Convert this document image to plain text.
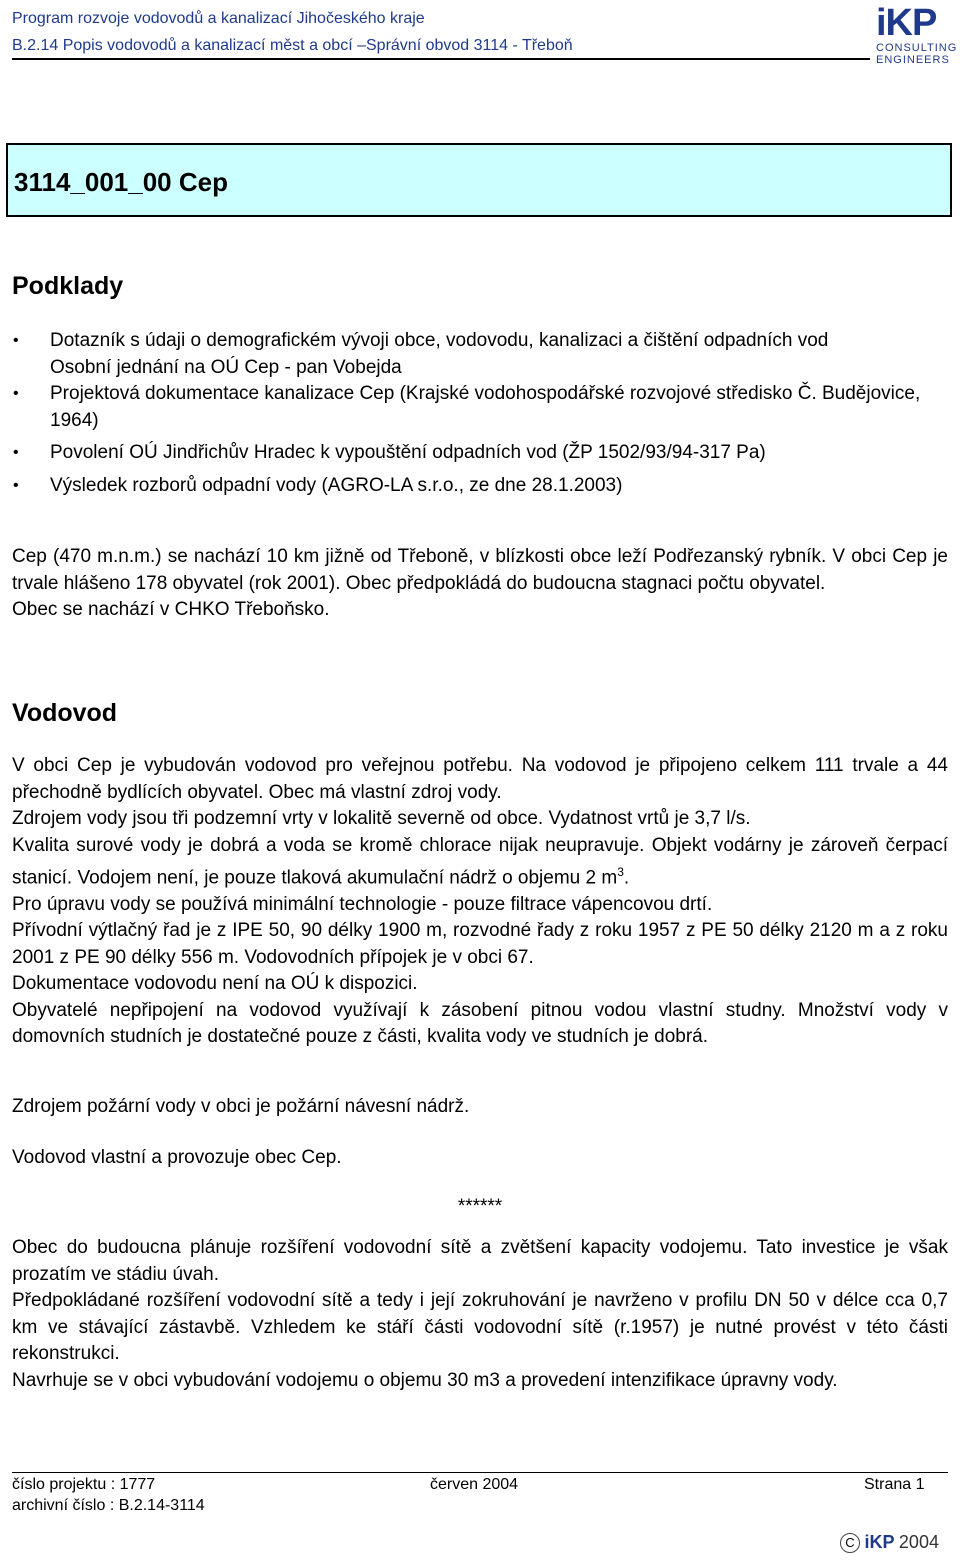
Program rozvoje vodovodů a kanalizací Jihočeského kraje
B.2.14 Popis vodovodů a kanalizací měst a obcí –Správní obvod 3114 - Třeboň
iKP
CONSULTING
ENGINEERS
3114_001_00 Cep
Podklady
• Dotazník s údaji o demografickém vývoji obce, vodovodu, kanalizaci a čištění odpadních vod
Osobní jednání na OÚ Cep - pan Vobejda
• Projektová dokumentace kanalizace Cep (Krajské vodohospodářské rozvojové středisko Č. Budějovice, 1964)
• Povolení OÚ Jindřichův Hradec k vypouštění odpadních vod (ŽP 1502/93/94-317 Pa)
• Výsledek rozborů odpadní vody (AGRO-LA s.r.o., ze dne 28.1.2003)
Cep (470 m.n.m.) se nachází 10 km jižně od Třeboně, v blízkosti obce leží Podřezanský rybník. V obci Cep je trvale hlášeno 178 obyvatel (rok 2001). Obec předpokládá do budoucna stagnaci počtu obyvatel.
Obec se nachází v CHKO Třeboňsko.
Vodovod
V obci Cep je vybudován vodovod pro veřejnou potřebu. Na vodovod je připojeno celkem 111 trvale a 44 přechodně bydlících obyvatel. Obec má vlastní zdroj vody.
Zdrojem vody jsou tři podzemní vrty v lokalitě severně od obce. Vydatnost vrtů je 3,7 l/s.
Kvalita surové vody je dobrá a voda se kromě chlorace nijak neupravuje. Objekt vodárny je zároveň čerpací stanicí. Vodojem není, je pouze tlaková akumulační nádrž o objemu 2 $m^3$.
Pro úpravu vody se používá minimální technologie - pouze filtrace vápencovou drtí.
Přívodní výtlačný řad je z IPE 50, 90 délky 1900 m, rozvodné řady z roku 1957 z PE 50 délky 2120 m a z roku 2001 z PE 90 délky 556 m. Vodovodních přípojek je v obci 67.
Dokumentace vodovodu není na OÚ k dispozici.
Obyvatelé nepřipojení na vodovod využívají k zásobení pitnou vodou vlastní studny. Množství vody v domovních studních je dostatečné pouze z části, kvalita vody ve studních je dobrá.
Zdrojem požární vody v obci je požární návesní nádrž.
Vodovod vlastní a provozuje obec Cep.
******
Obec do budoucna plánuje rozšíření vodovodní sítě a zvětšení kapacity vodojemu. Tato investice je však prozatím ve stádiu úvah.
Předpokládané rozšíření vodovodní sítě a tedy i její zokruhování je navrženo v profilu DN 50 v délce cca 0,7 km ve stávající zástavbě. Vzhledem ke stáří části vodovodní sítě (r.1957) je nutné provést v této části rekonstrukci.
Navrhuje se v obci vybudování vodojemu o objemu 30 m3 a provedení intenzifikace úpravny vody.
číslo projektu : 1777
archivní číslo : B.2.14-3114
červen 2004	Strana 1
C iKP 2004
